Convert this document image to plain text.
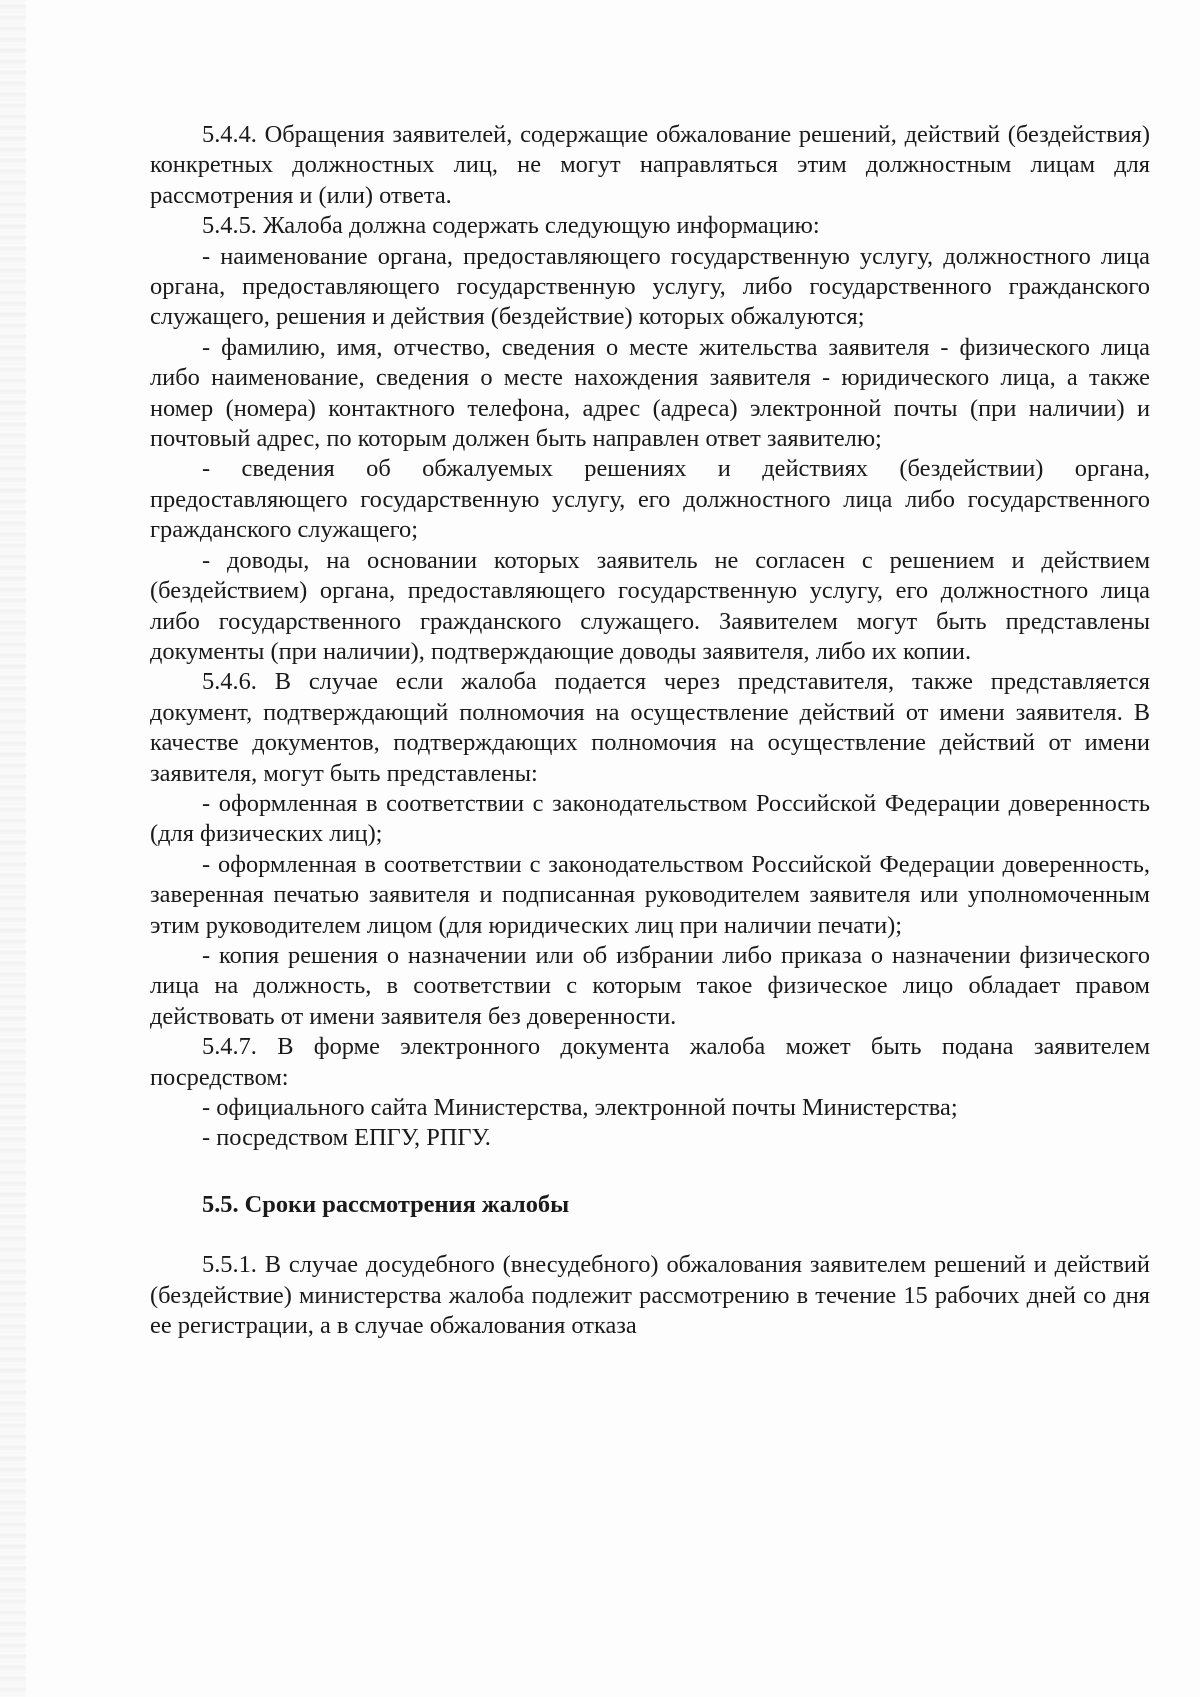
5.4.4. Обращения заявителей, содержащие обжалование решений, действий (бездействия) конкретных должностных лиц, не могут направляться этим должностным лицам для рассмотрения и (или) ответа.

5.4.5. Жалоба должна содержать следующую информацию:

- наименование органа, предоставляющего государственную услугу, должностного лица органа, предоставляющего государственную услугу, либо государственного гражданского служащего, решения и действия (бездействие) которых обжалуются;

- фамилию, имя, отчество, сведения о месте жительства заявителя - физического лица либо наименование, сведения о месте нахождения заявителя - юридического лица, а также номер (номера) контактного телефона, адрес (адреса) электронной почты (при наличии) и почтовый адрес, по которым должен быть направлен ответ заявителю;

- сведения об обжалуемых решениях и действиях (бездействии) органа, предоставляющего государственную услугу, его должностного лица либо государственного гражданского служащего;

- доводы, на основании которых заявитель не согласен с решением и действием (бездействием) органа, предоставляющего государственную услугу, его должностного лица либо государственного гражданского служащего. Заявителем могут быть представлены документы (при наличии), подтверждающие доводы заявителя, либо их копии.

5.4.6. В случае если жалоба подается через представителя, также представляется документ, подтверждающий полномочия на осуществление действий от имени заявителя. В качестве документов, подтверждающих полномочия на осуществление действий от имени заявителя, могут быть представлены:

- оформленная в соответствии с законодательством Российской Федерации доверенность (для физических лиц);

- оформленная в соответствии с законодательством Российской Федерации доверенность, заверенная печатью заявителя и подписанная руководителем заявителя или уполномоченным этим руководителем лицом (для юридических лиц при наличии печати);

- копия решения о назначении или об избрании либо приказа о назначении физического лица на должность, в соответствии с которым такое физическое лицо обладает правом действовать от имени заявителя без доверенности.

5.4.7. В форме электронного документа жалоба может быть подана заявителем посредством:

- официального сайта Министерства, электронной почты Министерства;

- посредством ЕПГУ, РПГУ.

5.5. Сроки рассмотрения жалобы

5.5.1. В случае досудебного (внесудебного) обжалования заявителем решений и действий (бездействие) министерства жалоба подлежит рассмотрению в течение 15 рабочих дней со дня ее регистрации, а в случае обжалования отказа
